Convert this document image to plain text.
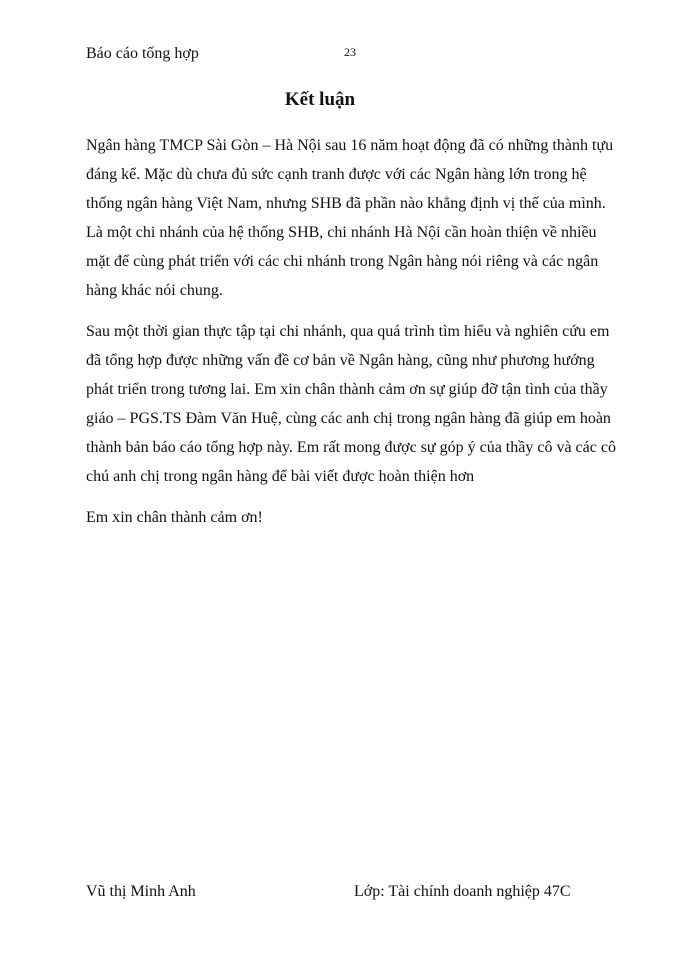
Báo cáo tổng hợp	23
Kết luận

Ngân hàng TMCP Sài Gòn – Hà Nội sau 16 năm hoạt động đã có những thành tựu
đáng kể. Mặc dù chưa đủ sức cạnh tranh được với các Ngân hàng lớn trong hệ
thống ngân hàng Việt Nam, nhưng SHB đã phần nào khẳng định vị thế của mình.
Là một chi nhánh của hệ thống SHB, chi nhánh Hà Nội cần hoàn thiện về nhiều
mặt để cùng phát triển với các chi nhánh trong Ngân hàng nói riêng và các ngân
hàng khác nói chung.

Sau một thời gian thực tập tại chi nhánh, qua quá trình tìm hiểu và nghiên cứu em
đã tổng hợp được những vấn đề cơ bản về Ngân hàng, cũng như phương hướng
phát triển trong tương lai. Em xin chân thành cảm ơn sự giúp đỡ tận tình của thầy
giáo – PGS.TS Đàm Văn Huệ, cùng các anh chị trong ngân hàng đã giúp em hoàn
thành bản báo cáo tổng hợp này. Em rất mong được sự góp ý của thầy cô và các cô
chú anh chị trong ngân hàng để bài viết được hoàn thiện hơn

Em xin chân thành cảm ơn!

Vũ thị Minh Anh	Lớp: Tài chính doanh nghiệp 47C
